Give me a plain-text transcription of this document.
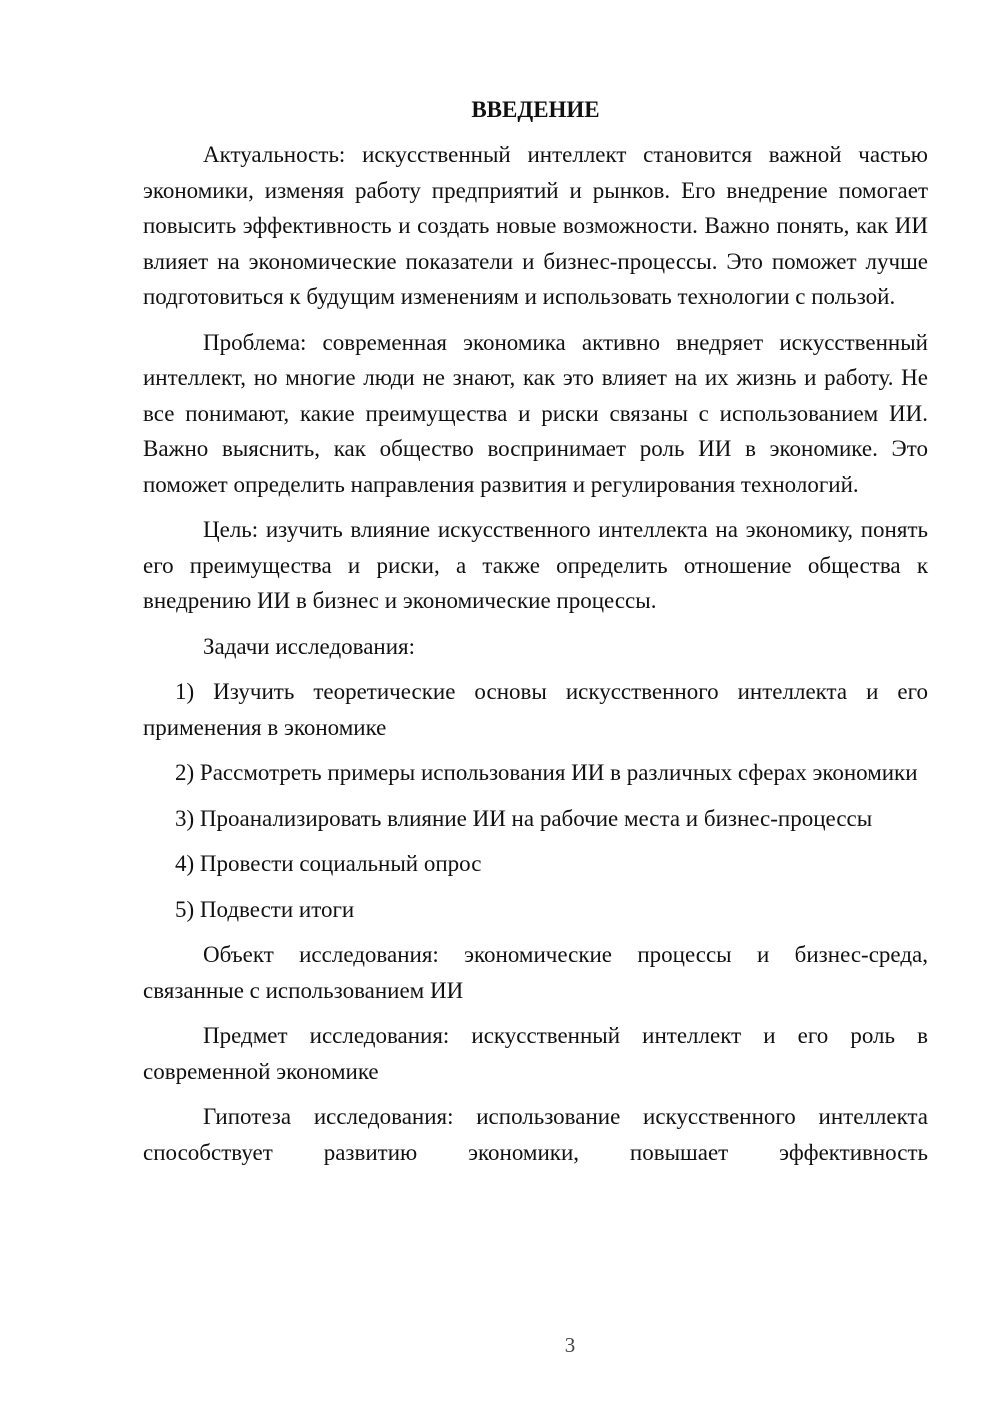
ВВЕДЕНИЕ

Актуальность: искусственный интеллект становится важной частью экономики, изменяя работу предприятий и рынков. Его внедрение помогает повысить эффективность и создать новые возможности. Важно понять, как ИИ влияет на экономические показатели и бизнес-процессы. Это поможет лучше подготовиться к будущим изменениям и использовать технологии с пользой.

Проблема: современная экономика активно внедряет искусственный интеллект, но многие люди не знают, как это влияет на их жизнь и работу. Не все понимают, какие преимущества и риски связаны с использованием ИИ. Важно выяснить, как общество воспринимает роль ИИ в экономике. Это поможет определить направления развития и регулирования технологий.

Цель: изучить влияние искусственного интеллекта на экономику, понять его преимущества и риски, а также определить отношение общества к внедрению ИИ в бизнес и экономические процессы.

Задачи исследования:

1) Изучить теоретические основы искусственного интеллекта и его применения в экономике

2) Рассмотреть примеры использования ИИ в различных сферах экономики

3) Проанализировать влияние ИИ на рабочие места и бизнес-процессы

4) Провести социальный опрос

5) Подвести итоги

Объект исследования: экономические процессы и бизнес-среда, связанные с использованием ИИ

Предмет исследования: искусственный интеллект и его роль в современной экономике

Гипотеза исследования: использование искусственного интеллекта способствует развитию экономики, повышает эффективность

3
